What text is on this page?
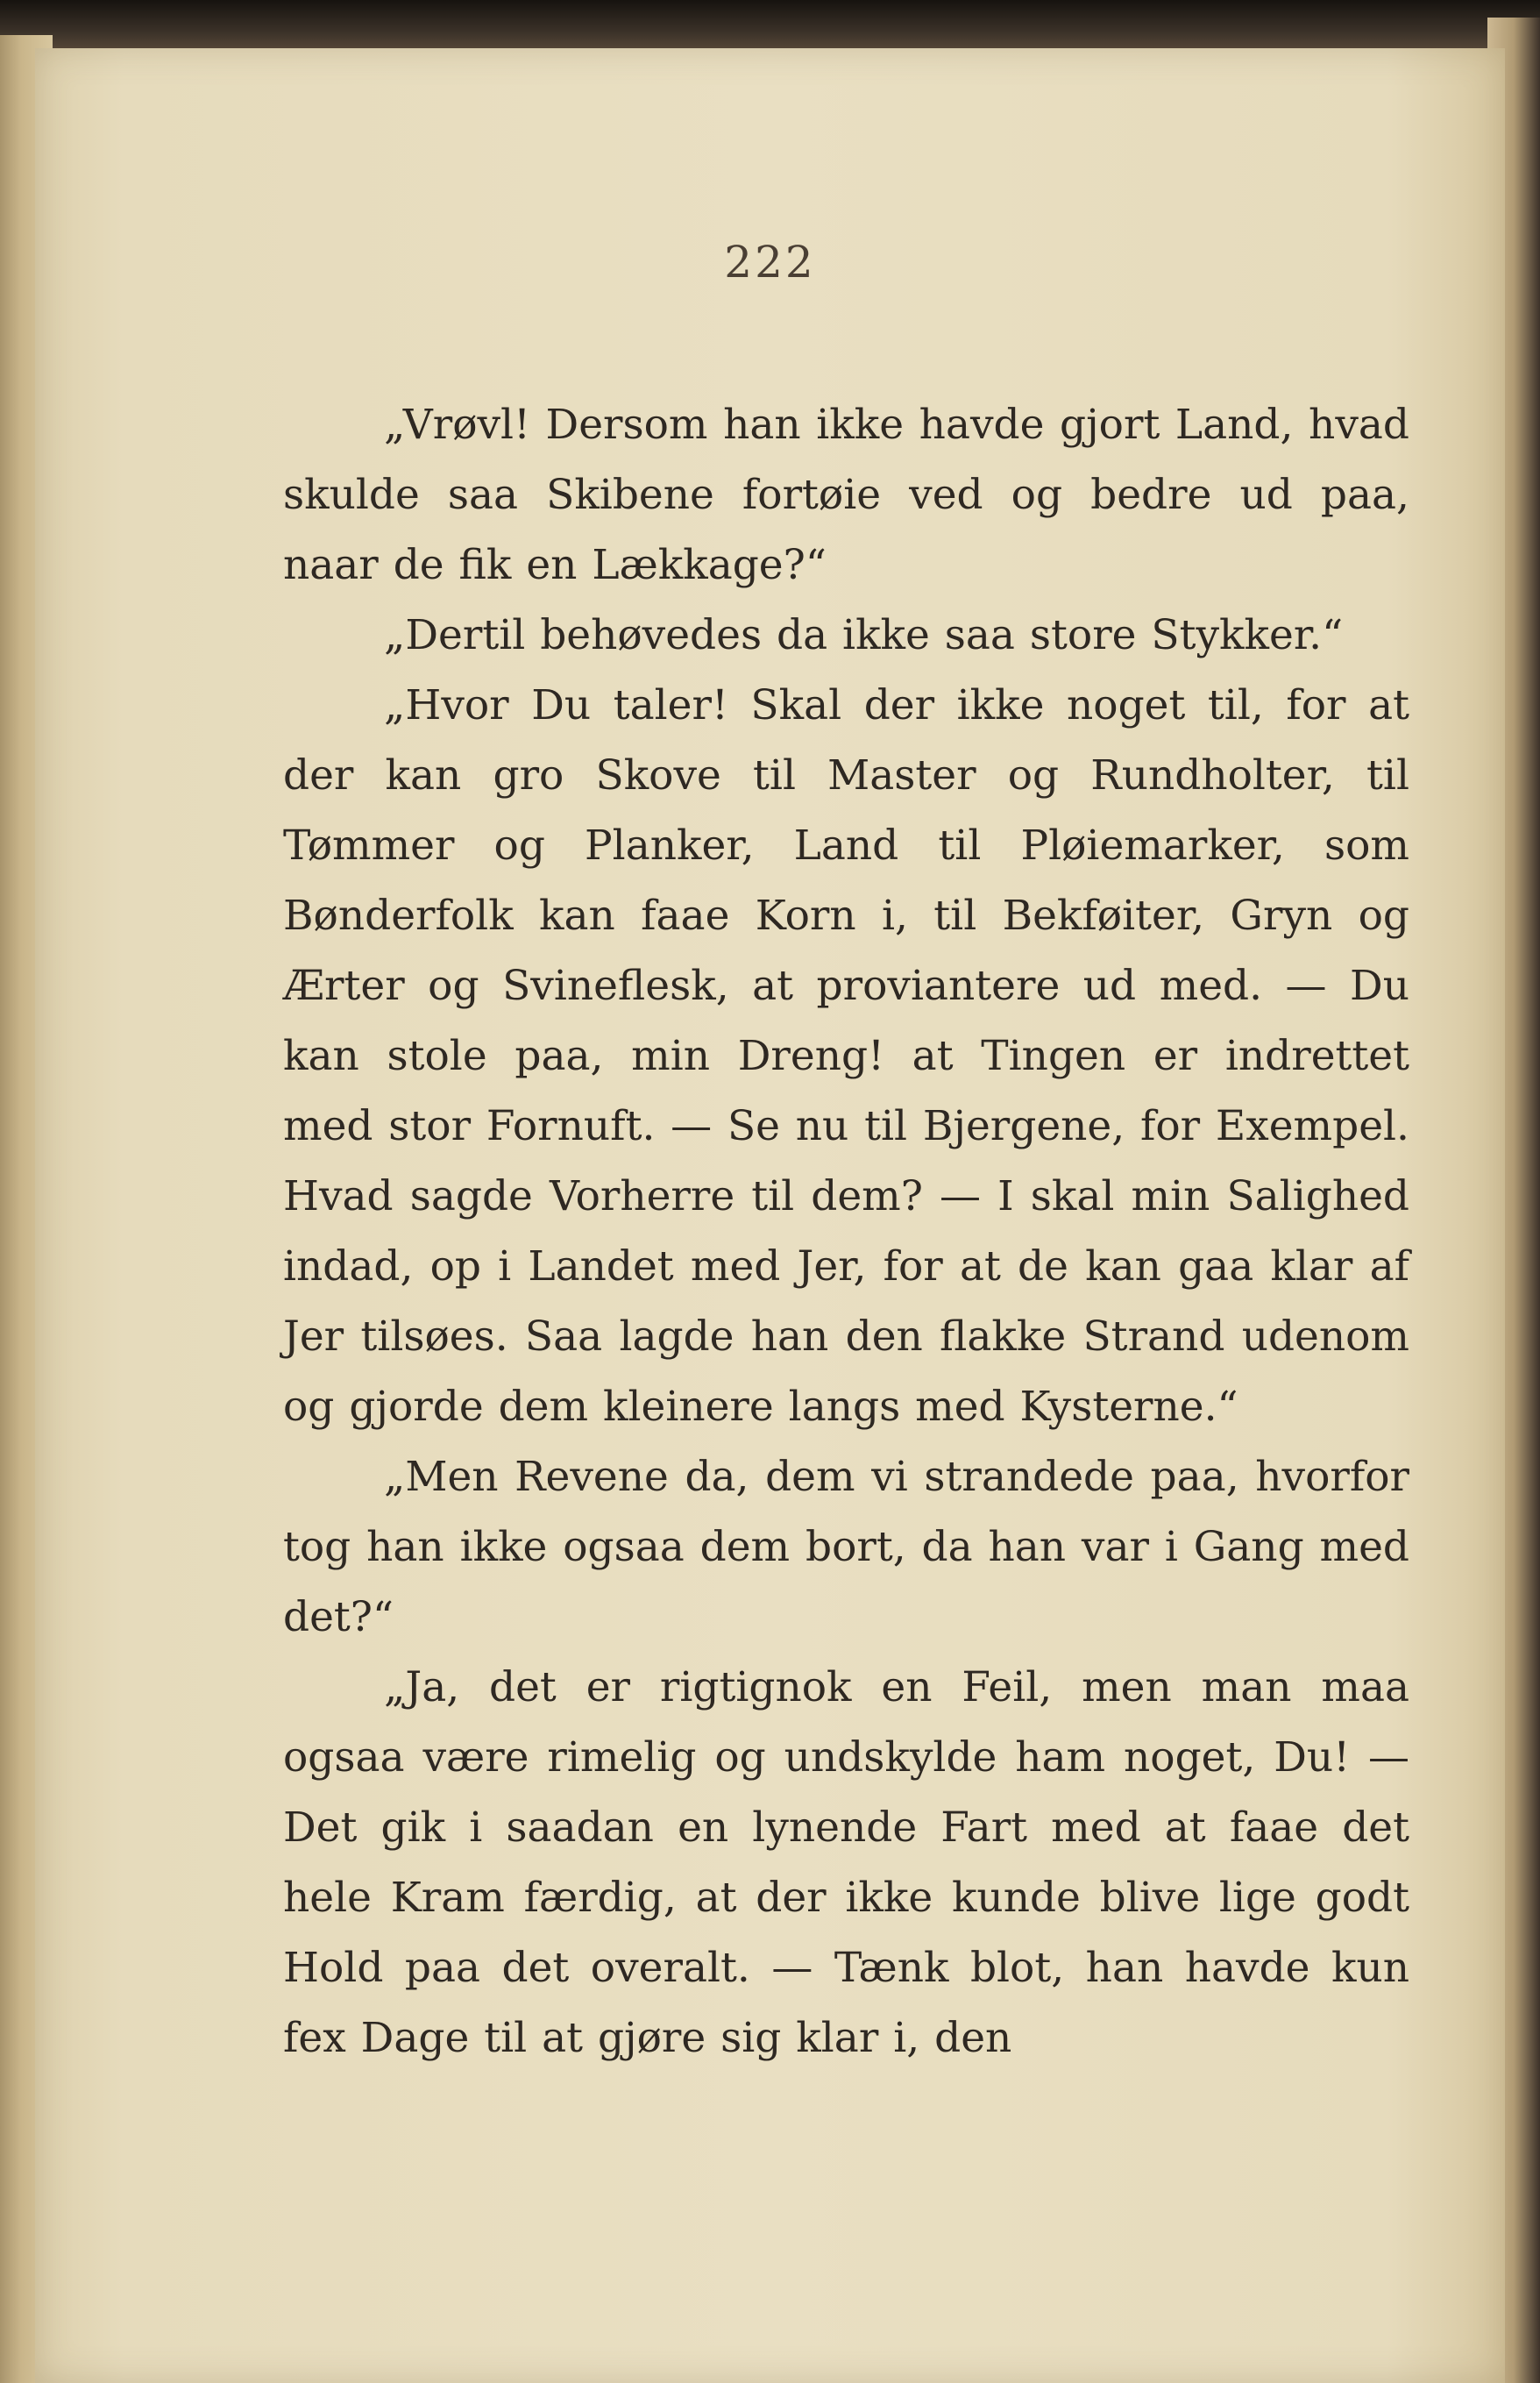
222

„Vrøvl! Dersom han ikke havde gjort Land, hvad skulde saa Skibene fortøie ved og bedre ud paa, naar de fik en Lækkage?“

„Dertil behøvedes da ikke saa store Stykker.“

„Hvor Du taler! Skal der ikke noget til, for at der kan gro Skove til Master og Rundholter, til Tømmer og Planker, Land til Pløiemarker, som Bønderfolk kan faae Korn i, til Bekføiter, Gryn og Ærter og Svineflesk, at proviantere ud med. — Du kan stole paa, min Dreng! at Tingen er indrettet med stor Fornuft. — Se nu til Bjergene, for Exempel. Hvad sagde Vorherre til dem? — I skal min Salighed indad, op i Landet med Jer, for at de kan gaa klar af Jer tilsøes. Saa lagde han den flakke Strand udenom og gjorde dem kleinere langs med Kysterne.“

„Men Revene da, dem vi strandede paa, hvorfor tog han ikke ogsaa dem bort, da han var i Gang med det?“

„Ja, det er rigtignok en Feil, men man maa ogsaa være rimelig og undskylde ham noget, Du! — Det gik i saadan en lynende Fart med at faae det hele Kram færdig, at der ikke kunde blive lige godt Hold paa det overalt. — Tænk blot, han havde kun fex Dage til at gjøre sig klar i, den
